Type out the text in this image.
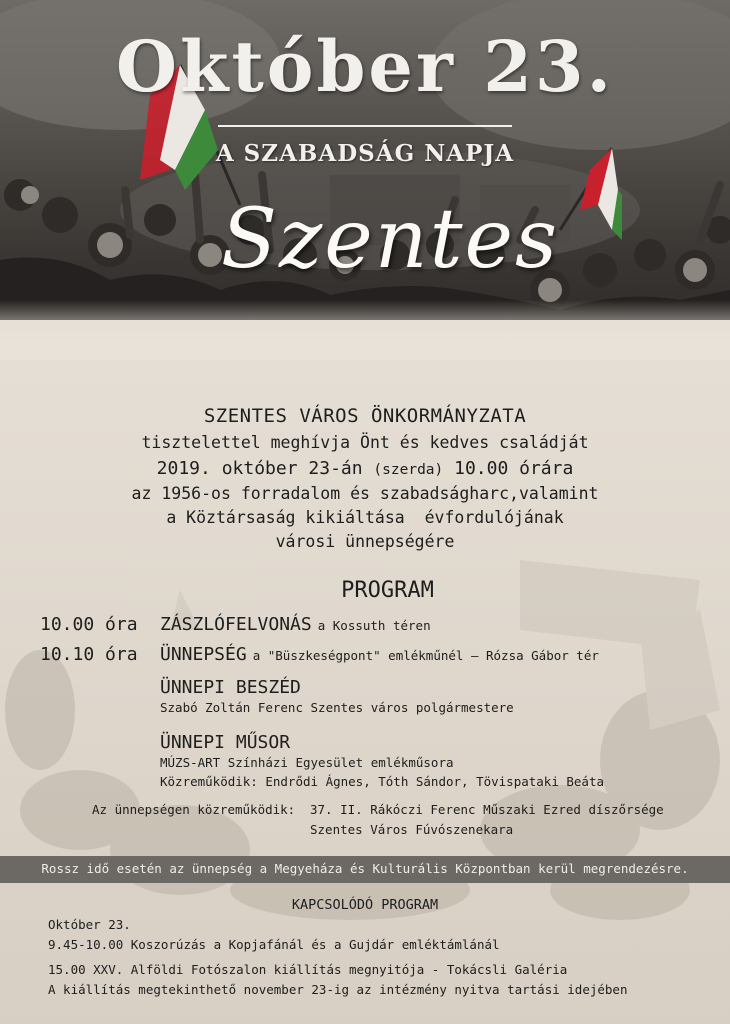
Október 23.
A SZABADSÁG NAPJA
Szentes
SZENTES VÁROS ÖNKORMÁNYZATA
tisztelettel meghívja Önt és kedves családját
2019. október 23-án (szerda) 10.00 órára
az 1956-os forradalom és szabadságharc,valamint
a Köztársaság kikiáltása  évfordulójának
városi ünnepségére
PROGRAM
10.00 óra ZÁSZLÓFELVONÁS a Kossuth téren
10.10 óra ÜNNEPSÉG a "Büszkeségpont" emlékműnél – Rózsa Gábor tér
ÜNNEPI BESZÉD
Szabó Zoltán Ferenc Szentes város polgármestere
ÜNNEPI MŰSOR
MÚZS-ART Színházi Egyesület emlékműsora
Közreműködik: Endrődi Ágnes, Tóth Sándor, Tövispataki Beáta
Az ünnepségen közreműködik: 37. II. Rákóczi Ferenc Műszaki Ezred díszőrsége
Szentes Város Fúvószenekara
Rossz idő esetén az ünnepség a Megyeháza és Kulturális Központban kerül megrendezésre.
KAPCSOLÓDÓ PROGRAM
Október 23.
9.45-10.00 Koszorúzás a Kopjafánál és a Gujdár emléktámlánál
15.00 XXV. Alföldi Fotószalon kiállítás megnyitója - Tokácsli Galéria
A kiállítás megtekinthető november 23-ig az intézmény nyitva tartási idejében
